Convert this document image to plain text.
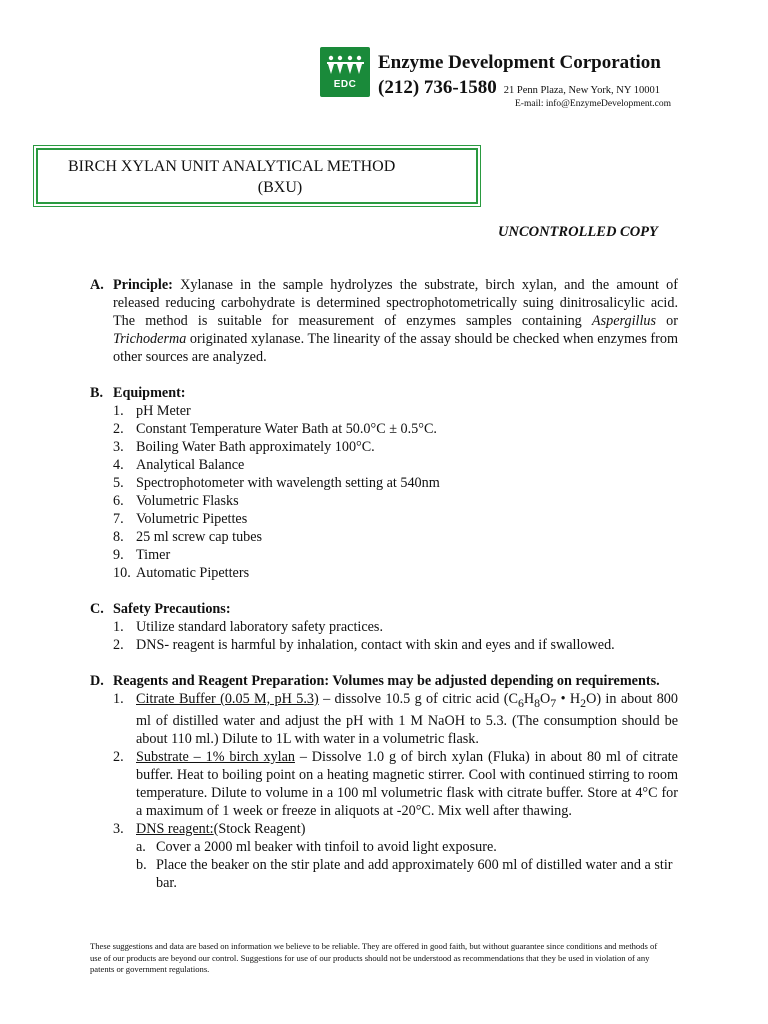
EDC
Enzyme Development Corporation
(212) 736-1580 21 Penn Plaza, New York, NY 10001
E-mail: info@EnzymeDevelopment.com
BIRCH XYLAN UNIT ANALYTICAL METHOD
(BXU)
UNCONTROLLED COPY
A. Principle: Xylanase in the sample hydrolyzes the substrate, birch xylan, and the amount of released reducing carbohydrate is determined spectrophotometrically suing dinitrosalicylic acid. The method is suitable for measurement of enzymes samples containing Aspergillus or Trichoderma originated xylanase. The linearity of the assay should be checked when enzymes from other sources are analyzed.
B. Equipment:
1. pH Meter
2. Constant Temperature Water Bath at 50.0°C ± 0.5°C.
3. Boiling Water Bath approximately 100°C.
4. Analytical Balance
5. Spectrophotometer with wavelength setting at 540nm
6. Volumetric Flasks
7. Volumetric Pipettes
8. 25 ml screw cap tubes
9. Timer
10. Automatic Pipetters
C. Safety Precautions:
1. Utilize standard laboratory safety practices.
2. DNS- reagent is harmful by inhalation, contact with skin and eyes and if swallowed.
D. Reagents and Reagent Preparation: Volumes may be adjusted depending on requirements.
1. Citrate Buffer (0.05 M, pH 5.3) – dissolve 10.5 g of citric acid ($C_6H_8O_7$ • $H_2O$) in about 800 ml of distilled water and adjust the pH with 1 M NaOH to 5.3. (The consumption should be about 110 ml.) Dilute to 1L with water in a volumetric flask.
2. Substrate – 1% birch xylan – Dissolve 1.0 g of birch xylan (Fluka) in about 80 ml of citrate buffer. Heat to boiling point on a heating magnetic stirrer. Cool with continued stirring to room temperature. Dilute to volume in a 100 ml volumetric flask with citrate buffer. Store at 4°C for a maximum of 1 week or freeze in aliquots at -20°C. Mix well after thawing.
3. DNS reagent:(Stock Reagent)
a. Cover a 2000 ml beaker with tinfoil to avoid light exposure.
b. Place the beaker on the stir plate and add approximately 600 ml of distilled water and a stir bar.
These suggestions and data are based on information we believe to be reliable. They are offered in good faith, but without guarantee since conditions and methods of use of our products are beyond our control. Suggestions for use of our products should not be understood as recommendations that they be used in violation of any patents or government regulations.
